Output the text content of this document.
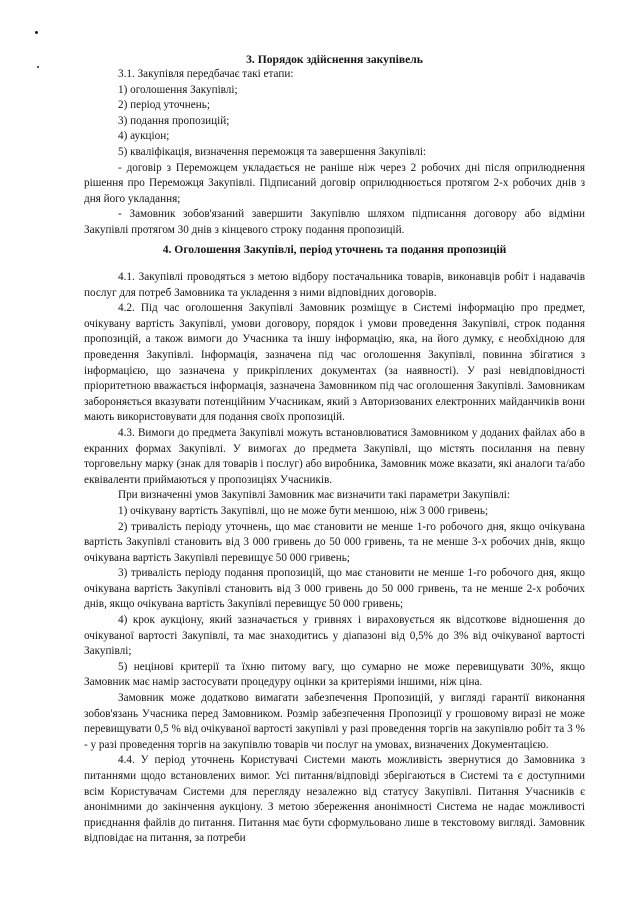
3. Порядок здійснення закупівель

3.1. Закупівля передбачає такі етапи:

1) оголошення Закупівлі;

2) період уточнень;

3) подання пропозицій;

4) аукціон;

5) кваліфікація, визначення переможця та завершення Закупівлі:

- договір з Переможцем укладається не раніше ніж через 2 робочих дні після оприлюднення рішення про Переможця Закупівлі. Підписаний договір оприлюднюється протягом 2-х робочих днів з дня його укладання;

- Замовник зобов'язаний завершити Закупівлю шляхом підписання договору або відміни Закупівлі протягом 30 днів з кінцевого строку подання пропозицій.

4. Оголошення Закупівлі, період уточнень та подання пропозицій

4.1. Закупівлі проводяться з метою відбору постачальника товарів, виконавців робіт і надавачів послуг для потреб Замовника та укладення з ними відповідних договорів.

4.2. Під час оголошення Закупівлі Замовник розміщує в Системі інформацію про предмет, очікувану вартість Закупівлі, умови договору, порядок і умови проведення Закупівлі, строк подання пропозицій, а також вимоги до Учасника та іншу інформацію, яка, на його думку, є необхідною для проведення Закупівлі. Інформація, зазначена під час оголошення Закупівлі, повинна збігатися з інформацією, що зазначена у прикріплених документах (за наявності). У разі невідповідності пріоритетною вважається інформація, зазначена Замовником під час оголошення Закупівлі. Замовникам забороняється вказувати потенційним Учасникам, який з Авторизованих електронних майданчиків вони мають використовувати для подання своїх пропозицій.

4.3. Вимоги до предмета Закупівлі можуть встановлюватися Замовником у доданих файлах або в екранних формах Закупівлі. У вимогах до предмета Закупівлі, що містять посилання на певну торговельну марку (знак для товарів і послуг) або виробника, Замовник може вказати, які аналоги та/або еквіваленти приймаються у пропозиціях Учасників.

При визначенні умов Закупівлі Замовник має визначити такі параметри Закупівлі:

1) очікувану вартість Закупівлі, що не може бути меншою, ніж 3 000 гривень;

2) тривалість періоду уточнень, що має становити не менше 1-го робочого дня, якщо очікувана вартість Закупівлі становить від 3 000 гривень до 50 000 гривень, та не менше 3-х робочих днів, якщо очікувана вартість Закупівлі перевищує 50 000 гривень;

3) тривалість періоду подання пропозицій, що має становити не менше 1-го робочого дня, якщо очікувана вартість Закупівлі становить від 3 000 гривень до 50 000 гривень, та не менше 2-х робочих днів, якщо очікувана вартість Закупівлі перевищує 50 000 гривень;

4) крок аукціону, який зазначається у гривнях і вираховується як відсоткове відношення до очікуваної вартості Закупівлі, та має знаходитись у діапазоні від 0,5% до 3% від очікуваної вартості Закупівлі;

5) нецінові критерії та їхню питому вагу, що сумарно не може перевищувати 30%, якщо Замовник має намір застосувати процедуру оцінки за критеріями іншими, ніж ціна.

Замовник може додатково вимагати забезпечення Пропозицій, у вигляді гарантії виконання зобов'язань Учасника перед Замовником. Розмір забезпечення Пропозиції у грошовому виразі не може перевищувати 0,5 % від очікуваної вартості закупівлі у разі проведення торгів на закупівлю робіт та 3 % - у разі проведення торгів на закупівлю товарів чи послуг на умовах, визначених Документацією.

4.4. У період уточнень Користувачі Системи мають можливість звернутися до Замовника з питаннями щодо встановлених вимог. Усі питання/відповіді зберігаються в Системі та є доступними всім Користувачам Системи для перегляду незалежно від статусу Закупівлі. Питання Учасників є анонімними до закінчення аукціону. З метою збереження анонімності Система не надає можливості приєднання файлів до питання. Питання має бути сформульовано лише в текстовому вигляді. Замовник відповідає на питання, за потреби
